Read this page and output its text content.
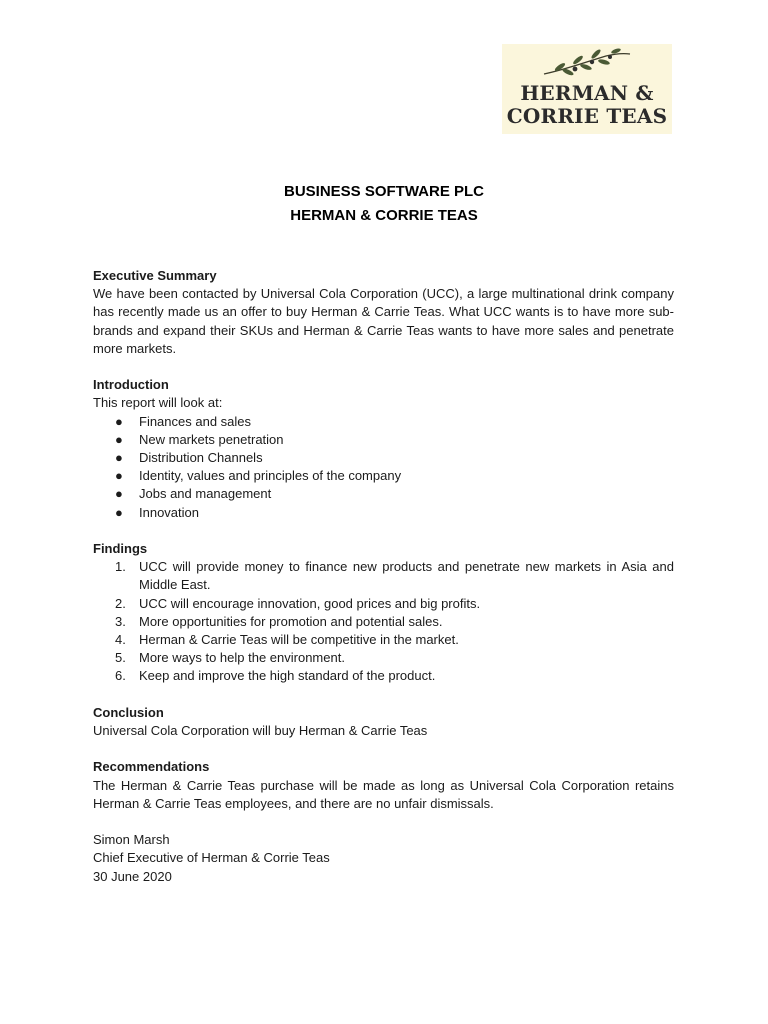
HERMAN &
CORRIE TEAS
BUSINESS SOFTWARE PLC
HERMAN & CORRIE TEAS
Executive Summary
We have been contacted by Universal Cola Corporation (UCC), a large multinational drink company has recently made us an offer to buy Herman & Carrie Teas. What UCC wants is to have more sub-brands and expand their SKUs and Herman & Carrie Teas wants to have more sales and penetrate more markets.
Introduction
This report will look at:
● Finances and sales
● New markets penetration
● Distribution Channels
● Identity, values and principles of the company
● Jobs and management
● Innovation
Findings
1. UCC will provide money to finance new products and penetrate new markets in Asia and Middle East.
2. UCC will encourage innovation, good prices and big profits.
3. More opportunities for promotion and potential sales.
4. Herman & Carrie Teas will be competitive in the market.
5. More ways to help the environment.
6. Keep and improve the high standard of the product.
Conclusion
Universal Cola Corporation will buy Herman & Carrie Teas
Recommendations
The Herman & Carrie Teas purchase will be made as long as Universal Cola Corporation retains Herman & Carrie Teas employees, and there are no unfair dismissals.
Simon Marsh
Chief Executive of Herman & Corrie Teas
30 June 2020
